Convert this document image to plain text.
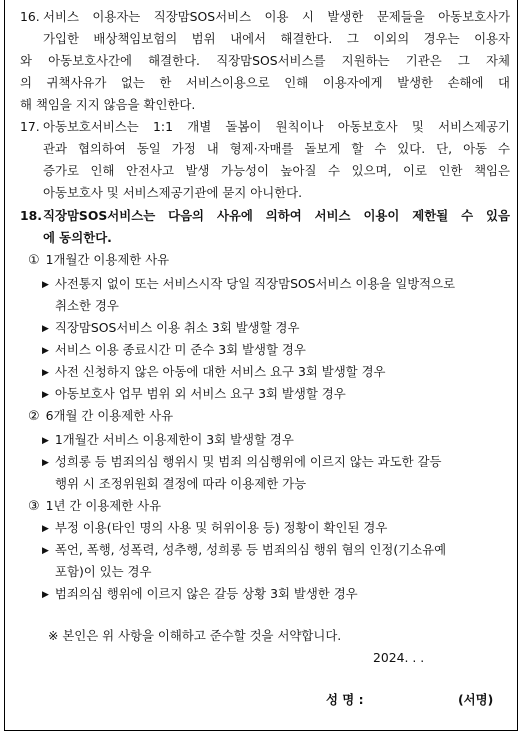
16. 서비스 이용자는 직장맘SOS서비스 이용 시 발생한 문제들을 아동보호사가
가입한 배상책임보험의 범위 내에서 해결한다. 그 이외의 경우는 이용자
와 아동보호사간에 해결한다. 직장맘SOS서비스를 지원하는 기관은 그 자체
의 귀책사유가 없는 한 서비스이용으로 인해 이용자에게 발생한 손해에 대
해 책임을 지지 않음을 확인한다.
17. 아동보호서비스는 1:1 개별 돌봄이 원칙이나 아동보호사 및 서비스제공기
관과 협의하여 동일 가정 내 형제·자매를 돌보게 할 수 있다. 단, 아동 수
증가로 인해 안전사고 발생 가능성이 높아질 수 있으며, 이로 인한 책임은
아동보호사 및 서비스제공기관에 묻지 아니한다.
18. 직장맘SOS서비스는 다음의 사유에 의하여 서비스 이용이 제한될 수 있음
에 동의한다.
① 1개월간 이용제한 사유
▶ 사전통지 없이 또는 서비스시작 당일 직장맘SOS서비스 이용을 일방적으로
취소한 경우
▶ 직장맘SOS서비스 이용 취소 3회 발생할 경우
▶ 서비스 이용 종료시간 미 준수 3회 발생할 경우
▶ 사전 신청하지 않은 아동에 대한 서비스 요구 3회 발생할 경우
▶ 아동보호사 업무 범위 외 서비스 요구 3회 발생할 경우
② 6개월 간 이용제한 사유
▶ 1개월간 서비스 이용제한이 3회 발생할 경우
▶ 성희롱 등 범죄의심 행위시 및 범죄 의심행위에 이르지 않는 과도한 갈등
행위 시 조정위원회 결정에 따라 이용제한 가능
③ 1년 간 이용제한 사유
▶ 부정 이용(타인 명의 사용 및 허위이용 등) 정황이 확인된 경우
▶ 폭언, 폭행, 성폭력, 성추행, 성희롱 등 범죄의심 행위 혐의 인정(기소유예
포함)이 있는 경우
▶ 범죄의심 행위에 이르지 않은 갈등 상황 3회 발생한 경우
※ 본인은 위 사항을 이해하고 준수할 것을 서약합니다.
2024. . .
성 명 :	(서명)
